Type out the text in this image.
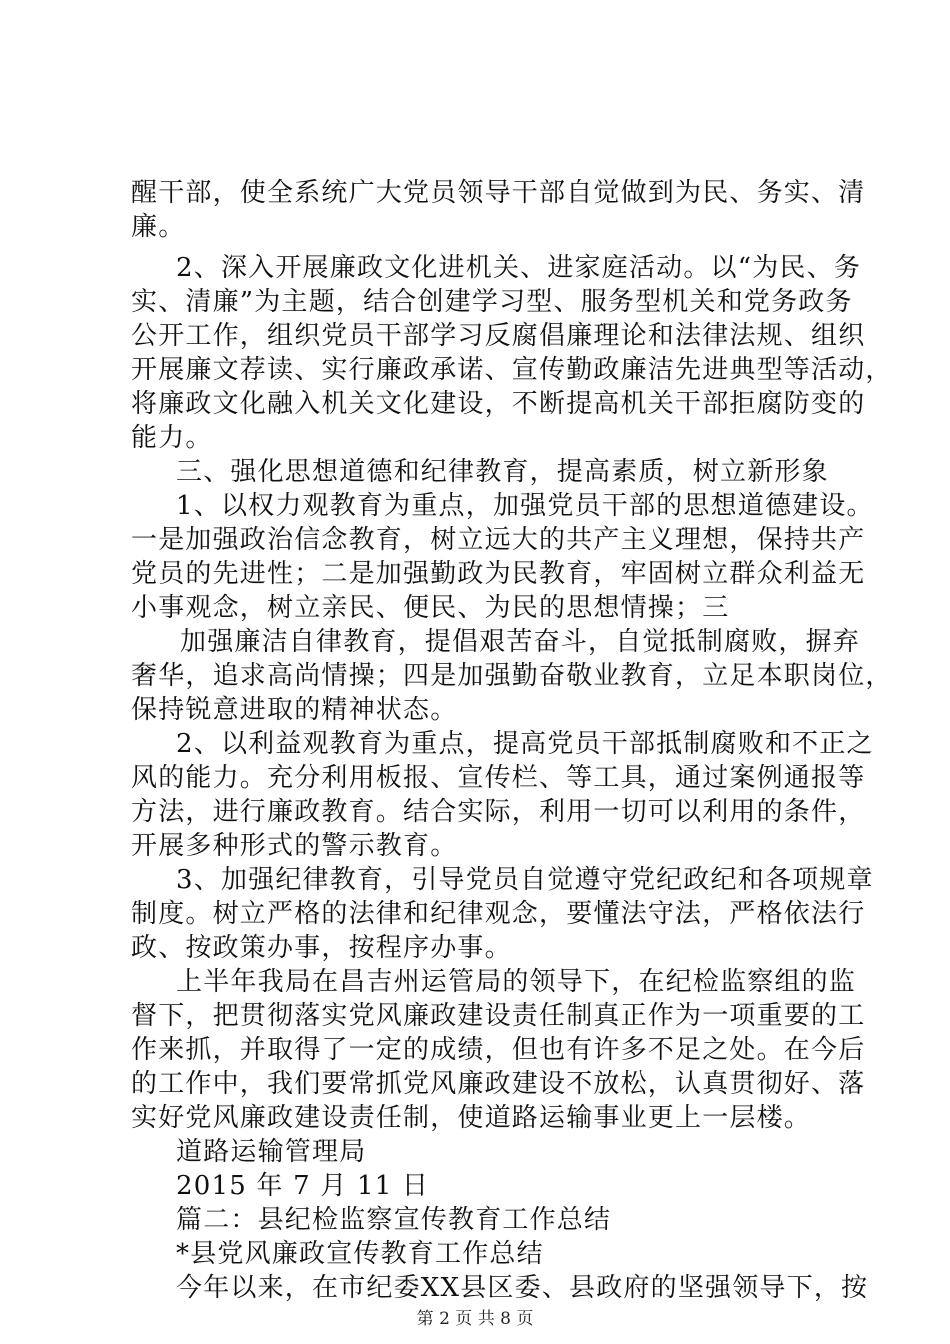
醒干部，使全系统广大党员领导干部自觉做到为民、务实、清
廉。
2、深入开展廉政文化进机关、进家庭活动。以“为民、务
实、清廉”为主题，结合创建学习型、服务型机关和党务政务
公开工作，组织党员干部学习反腐倡廉理论和法律法规、组织
开展廉文荐读、实行廉政承诺、宣传勤政廉洁先进典型等活动，
将廉政文化融入机关文化建设，不断提高机关干部拒腐防变的
能力。
三、强化思想道德和纪律教育，提高素质，树立新形象
1、以权力观教育为重点，加强党员干部的思想道德建设。
一是加强政治信念教育，树立远大的共产主义理想，保持共产
党员的先进性；二是加强勤政为民教育，牢固树立群众利益无
小事观念，树立亲民、便民、为民的思想情操；三
加强廉洁自律教育，提倡艰苦奋斗，自觉抵制腐败，摒弃
奢华，追求高尚情操；四是加强勤奋敬业教育，立足本职岗位，
保持锐意进取的精神状态。
2、以利益观教育为重点，提高党员干部抵制腐败和不正之
风的能力。充分利用板报、宣传栏、等工具，通过案例通报等
方法，进行廉政教育。结合实际，利用一切可以利用的条件，
开展多种形式的警示教育。
3、加强纪律教育，引导党员自觉遵守党纪政纪和各项规章
制度。树立严格的法律和纪律观念，要懂法守法，严格依法行
政、按政策办事，按程序办事。
上半年我局在昌吉州运管局的领导下，在纪检监察组的监
督下，把贯彻落实党风廉政建设责任制真正作为一项重要的工
作来抓，并取得了一定的成绩，但也有许多不足之处。在今后
的工作中，我们要常抓党风廉政建设不放松，认真贯彻好、落
实好党风廉政建设责任制，使道路运输事业更上一层楼。
道路运输管理局
2015 年 7 月 11 日
篇二：县纪检监察宣传教育工作总结
*县党风廉政宣传教育工作总结
今年以来，在市纪委XX县区委、县政府的坚强领导下，按
第 2 页 共 8 页
